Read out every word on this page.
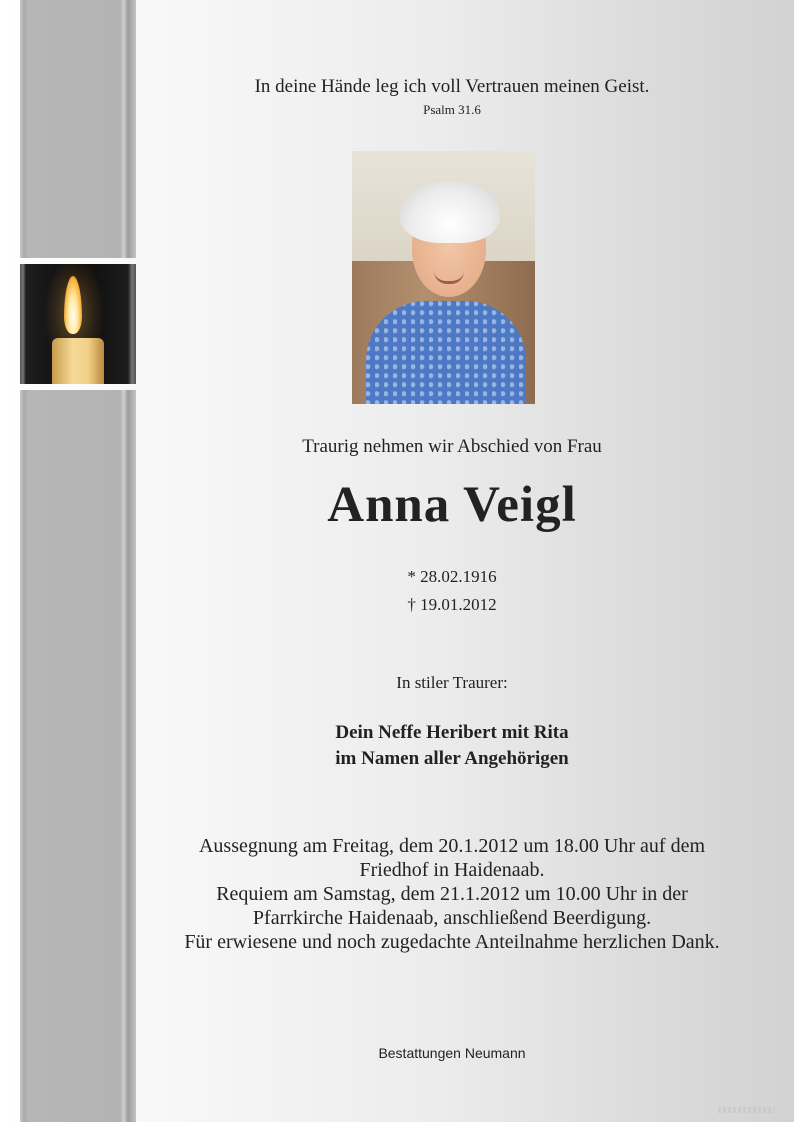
In deine Hände leg ich voll Vertrauen meinen Geist.
Psalm 31.6
Traurig nehmen wir Abschied von Frau
Anna Veigl
* 28.02.1916
† 19.01.2012
In stiler Traurer:
Dein Neffe Heribert mit Rita
im Namen aller Angehörigen
Aussegnung am Freitag, dem 20.1.2012 um 18.00 Uhr auf dem
Friedhof in Haidenaab.
Requiem am Samstag, dem 21.1.2012 um 10.00 Uhr in der
Pfarrkirche Haidenaab, anschließend Beerdigung.
Für erwiesene und noch zugedachte Anteilnahme herzlichen Dank.
Bestattungen Neumann
